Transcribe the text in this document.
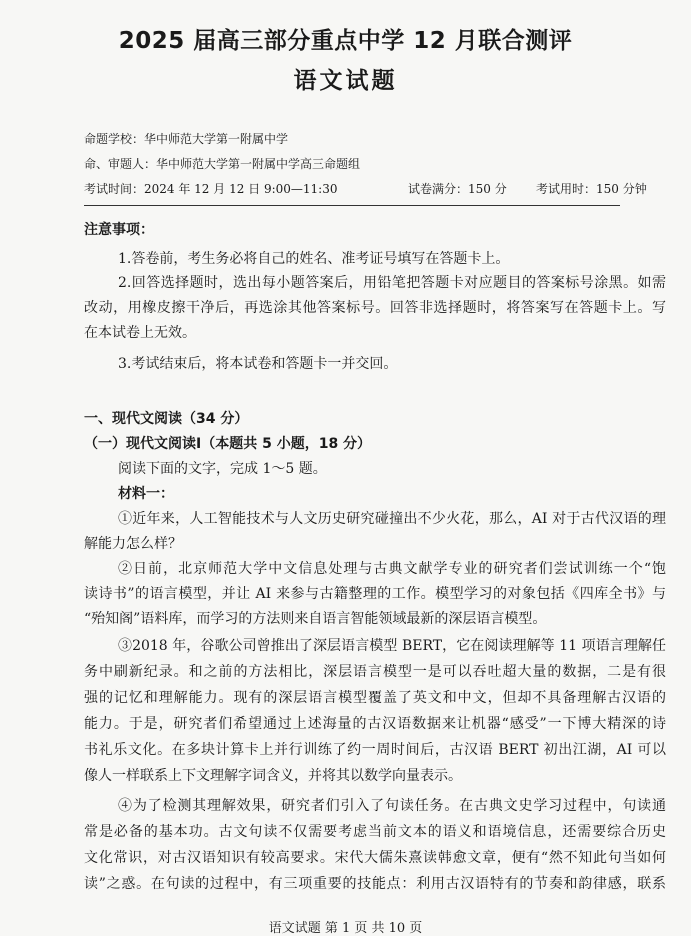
2025 届高三部分重点中学 12 月联合测评
语文试题
命题学校：华中师范大学第一附属中学
命、审题人：华中师范大学第一附属中学高三命题组
考试时间：2024 年 12 月 12 日 9:00—11:30	试卷满分：150 分 考试用时：150 分钟
注意事项：
1.答卷前，考生务必将自己的姓名、准考证号填写在答题卡上。
2.回答选择题时，选出每小题答案后，用铅笔把答题卡对应题目的答案标号涂黑。如需
改动，用橡皮擦干净后，再选涂其他答案标号。回答非选择题时，将答案写在答题卡上。写
在本试卷上无效。
3.考试结束后，将本试卷和答题卡一并交回。
一、现代文阅读（34 分）
（一）现代文阅读Ⅰ（本题共 5 小题，18 分）
阅读下面的文字，完成 1～5 题。
材料一：
①近年来，人工智能技术与人文历史研究碰撞出不少火花，那么，AI 对于古代汉语的理
解能力怎么样？
②日前，北京师范大学中文信息处理与古典文献学专业的研究者们尝试训练一个“饱
读诗书”的语言模型，并让 AI 来参与古籍整理的工作。模型学习的对象包括《四库全书》与
“殆知阁”语料库，而学习的方法则来自语言智能领域最新的深层语言模型。
③2018 年，谷歌公司曾推出了深层语言模型 BERT，它在阅读理解等 11 项语言理解任
务中刷新纪录。和之前的方法相比，深层语言模型一是可以吞吐超大量的数据，二是有很
强的记忆和理解能力。现有的深层语言模型覆盖了英文和中文，但却不具备理解古汉语的
能力。于是，研究者们希望通过上述海量的古汉语数据来让机器“感受”一下博大精深的诗
书礼乐文化。在多块计算卡上并行训练了约一周时间后，古汉语 BERT 初出江湖，AI 可以
像人一样联系上下文理解字词含义，并将其以数学向量表示。
④为了检测其理解效果，研究者们引入了句读任务。在古典文史学习过程中，句读通
常是必备的基本功。古文句读不仅需要考虑当前文本的语义和语境信息，还需要综合历史
文化常识，对古汉语知识有较高要求。宋代大儒朱熹读韩愈文章，便有“然不知此句当如何
读”之惑。在句读的过程中，有三项重要的技能点：利用古汉语特有的节奏和韵律感，联系
语文试题 第 1 页 共 10 页
